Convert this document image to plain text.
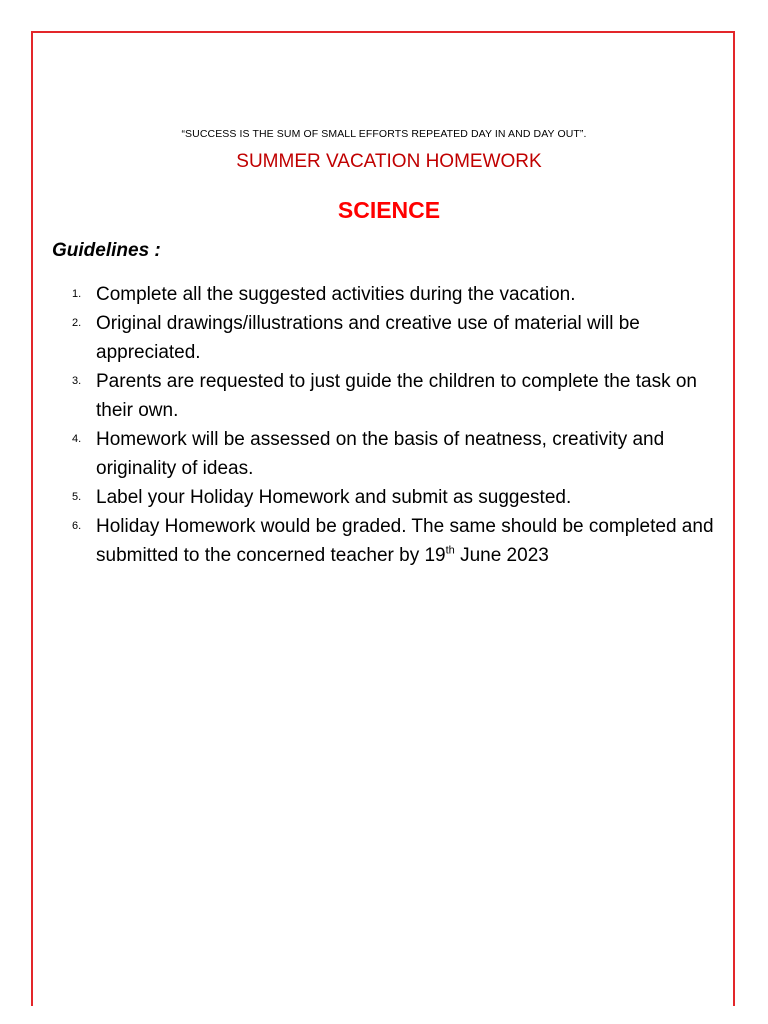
“SUCCESS IS THE SUM OF SMALL EFFORTS REPEATED DAY IN AND DAY OUT”.
SUMMER VACATION HOMEWORK
SCIENCE
Guidelines :
1. Complete all the suggested activities during the vacation.
2. Original drawings/illustrations and creative use of material will be appreciated.
3. Parents are requested to just guide the children to complete the task on their own.
4. Homework will be assessed on the basis of neatness, creativity and originality of ideas.
5. Label your Holiday Homework and submit as suggested.
6. Holiday Homework would be graded. The same should be completed and submitted to the concerned teacher by 19th June 2023
